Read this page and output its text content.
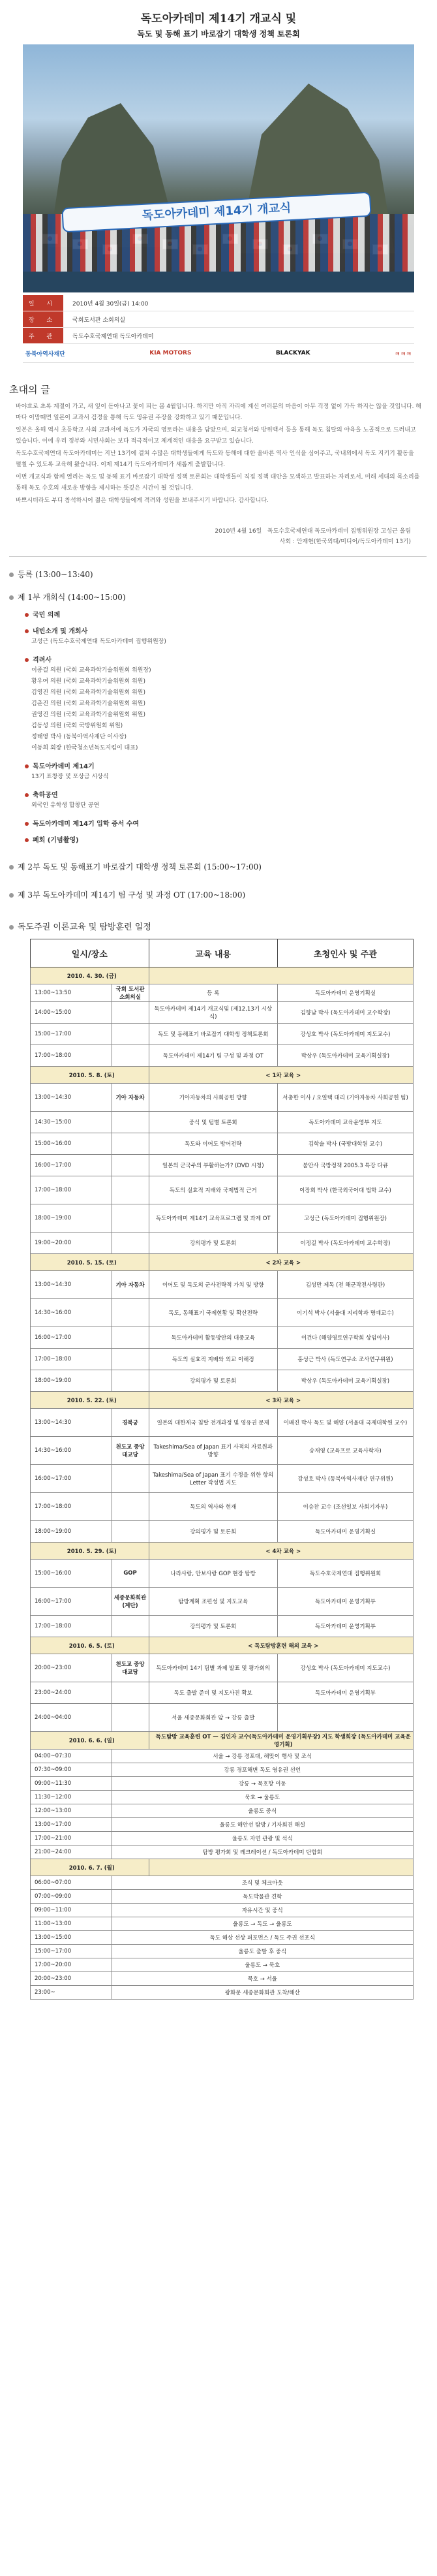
독도아카데미 제14기 개교식 및
독도 및 동해 표기 바로잡기 대학생 정책 토론회
독도아카데미 제14기 개교식
일 시	2010년 4월 30일(금) 14:00
장 소	국회도서관 소회의실
주 관	독도수호국제연대 독도아카데미
동북아역사재단	KIA MOTORS	BLACKYAK	ㅋㅋㅋ
초대의 글

바야흐로 초록 계절이 가고, 새 잎이 돋아나고 꽃이 피는 봄 4월입니다. 하지만 아직 자리에 계신 여러분의 마음이 아무 걱정 없이 가득 하지는 않을 것입니다. 해마다 이맘때면 일본이 교과서 검정을 통해 독도 영유권 주장을 강화하고 있기 때문입니다.

일본은 올해 역시 초등학교 사회 교과서에 독도가 자국의 영토라는 내용을 담았으며, 외교청서와 방위백서 등을 통해 독도 침탈의 야욕을 노골적으로 드러내고 있습니다. 이에 우리 정부와 시민사회는 보다 적극적이고 체계적인 대응을 요구받고 있습니다.

독도수호국제연대 독도아카데미는 지난 13기에 걸쳐 수많은 대학생들에게 독도와 동해에 대한 올바른 역사 인식을 심어주고, 국내외에서 독도 지키기 활동을 펼칠 수 있도록 교육해 왔습니다. 이제 제14기 독도아카데미가 새롭게 출발합니다.

이번 개교식과 함께 열리는 독도 및 동해 표기 바로잡기 대학생 정책 토론회는 대학생들이 직접 정책 대안을 모색하고 발표하는 자리로서, 미래 세대의 목소리를 통해 독도 수호의 새로운 방향을 제시하는 뜻깊은 시간이 될 것입니다.

바쁘시더라도 부디 참석하시어 젊은 대학생들에게 격려와 성원을 보내주시기 바랍니다. 감사합니다.

2010년 4월 16일 독도수호국제연대 독도아카데미 집행위원장 고성근 올림
사회 : 안재현(한국외대/미디어/독도아카데미 13기)
등록 (13:00~13:40)
제 1부 개회식 (14:00~15:00)
국민 의례
내빈소개 및 개회사
고성근 (독도수호국제연대 독도아카데미 집행위원장)
격려사
이종걸 의원 (국회 교육과학기술위원회 위원장)
황우여 의원 (국회 교육과학기술위원회 위원)
김영진 의원 (국회 교육과학기술위원회 위원)
김춘진 의원 (국회 교육과학기술위원회 위원)
권영진 의원 (국회 교육과학기술위원회 위원)
김동성 의원 (국회 국방위원회 위원)
정태영 박사 (동북아역사재단 이사장)
이동희 회장 (한국청소년독도지킴이 대표)
독도아카데미 제14기
13기 표창장 및 포상금 시상식
축하공연
외국인 유학생 합창단 공연
독도아카데미 제14기 입학 증서 수여
폐회 (기념촬영)
제 2부 독도 및 동해표기 바로잡기 대학생 정책 토론회 (15:00~17:00)
제 3부 독도아카데미 제14기 팀 구성 및 과정 OT (17:00~18:00)
독도주권 이론교육 및 탐방훈련 일정
일시/장소		교육 내용	초청인사 및 주관
2010. 4. 30. (금)			
13:00~13:50	국회 도서관 소회의실	등 록	독도아카데미 운영기획실
14:00~15:00		독도아카데미 제14기 개교식및 (제12,13기 시상식)	김향남 박사 (독도아카데미 교수학장)
15:00~17:00		독도 및 동해표기 바로잡기 대학생 정책토론회	강성호 박사 (독도아카데미 지도교수)
17:00~18:00		독도아카데미 제14기 팀 구성 및 과정 OT	박상우 (독도아카데미 교육기획실장)
2010. 5. 8. (토)		< 1차 교육 >	
13:00~14:30	기아 자동차	기아자동차의 사회공헌 방향	서충한 이사 / 오일택 대리 (기아자동차 사회공헌 팀)
14:30~15:00		중식 및 팀별 토론회	독도아카데미 교육운영부 지도
15:00~16:00		독도와 이어도 방어전략	김학술 박사 (국방대학원 교수)
16:00~17:00		일본의 군국주의 부활하는가? (DVD 시청)	불안사 국방정책 2005.3 특강 다큐
17:00~18:00		독도의 실효적 지배와 국제법적 근거	이장희 박사 (한국외국어대 법학 교수)
18:00~19:00		독도아카데미 제14기 교육프로그램 및 과제 OT	고성근 (독도아카데미 집행위원장)
19:00~20:00		강의평가 및 토론회	이정길 박사 (독도아카데미 교수학장)
2010. 5. 15. (토)		< 2차 교육 >	
13:00~14:30	기아 자동차	이어도 및 독도의 군사전략적 가치 및 방향	김성만 제독 (전 해군작전사령관)
14:30~16:00		독도, 동해표기 국제현황 및 확산전략	이기석 박사 (서울대 지리학과 명예교수)
16:00~17:00		독도아카데미 활동방안의 대중교육	이건다 (해양영토연구학회 상임이사)
17:00~18:00		독도의 실효적 지배와 외교 이해정	홍성근 박사 (독도연구소 조사연구위원)
18:00~19:00		강의평가 및 토론회	박상우 (독도아카데미 교육기획실장)
2010. 5. 22. (토)		< 3차 교육 >	
13:00~14:30	경북궁	일본의 대한제국 침탈 전개과정 및 영유권 문제	이배진 박사 독도 및 해양 (서울대 국제대학원 교수)
14:30~16:00	천도교 중앙 대교당	Takeshima/Sea of Japan 표기 사적의 자료원과 방향	송재영 (교육프로 교육사학자)
16:00~17:00		Takeshima/Sea of Japan 표기 수정을 위한 항의 Letter 작성법 지도	강성호 박사 (동북아역사재단 연구위원)
17:00~18:00		독도의 역사와 현재	이승찬 교수 (조선일보 사회기자부)
18:00~19:00		강의평가 및 토론회	독도아카데미 운영기획실
2010. 5. 29. (토)		< 4차 교육 >	
15:00~16:00	GOP	나라사랑, 안보사랑 GOP 현장 탐방	독도수호국제연대 집행위원회
16:00~17:00	세종문화회관 (계단)	탐방계획 조편성 및 지도교육	독도아카데미 운영기획부
17:00~18:00		강의평가 및 토론회	독도아카데미 운영기획부
2010. 6. 5. (토)		< 독도탐방훈련 해외 교육 >	
20:00~23:00	천도교 중앙 대교당	독도아카데미 14기 팀별 과제 발표 및 평가회의	강성호 박사 (독도아카데미 지도교수)
23:00~24:00		독도 출발 준비 및 지도사진 확보	독도아카데미 운영기획부
24:00~04:00		서울 세종문화회관 앞 → 강릉 출발	
2010. 6. 6. (일)		독도탐방 교육훈련 OT — 김인자 교수(독도아카데미 운영기획부장) 지도 학생회장 (독도아카데미 교육운영기획)	
04:00~07:30	서울 → 강릉 경포대, 해맞이 행사 및 조식		
07:30~09:00	강릉 경포해변 독도 영유권 선언		
09:00~11:30	강릉 → 묵호항 이동		
11:30~12:00	묵호 → 울릉도		
12:00~13:00	울릉도 중식		
13:00~17:00	울릉도 해안선 탐방 / 기자회견 해설		
17:00~21:00	울릉도 자연 관광 및 석식		
21:00~24:00	탐방 평가회 및 레크레이션 / 독도아카데미 단합회		
2010. 6. 7. (월)			
06:00~07:00	조식 및 체크아웃		
07:00~09:00	독도박물관 견학		
09:00~11:00	자유시간 및 중식		
11:00~13:00	울릉도 → 독도 → 울릉도		
13:00~15:00	독도 해상 선상 퍼포먼스 / 독도 주권 선포식		
15:00~17:00	울릉도 출발 후 중식		
17:00~20:00	울릉도 → 묵호		
20:00~23:00	묵호 → 서울		
23:00~	광화문 세종문화회관 도착/해산		
